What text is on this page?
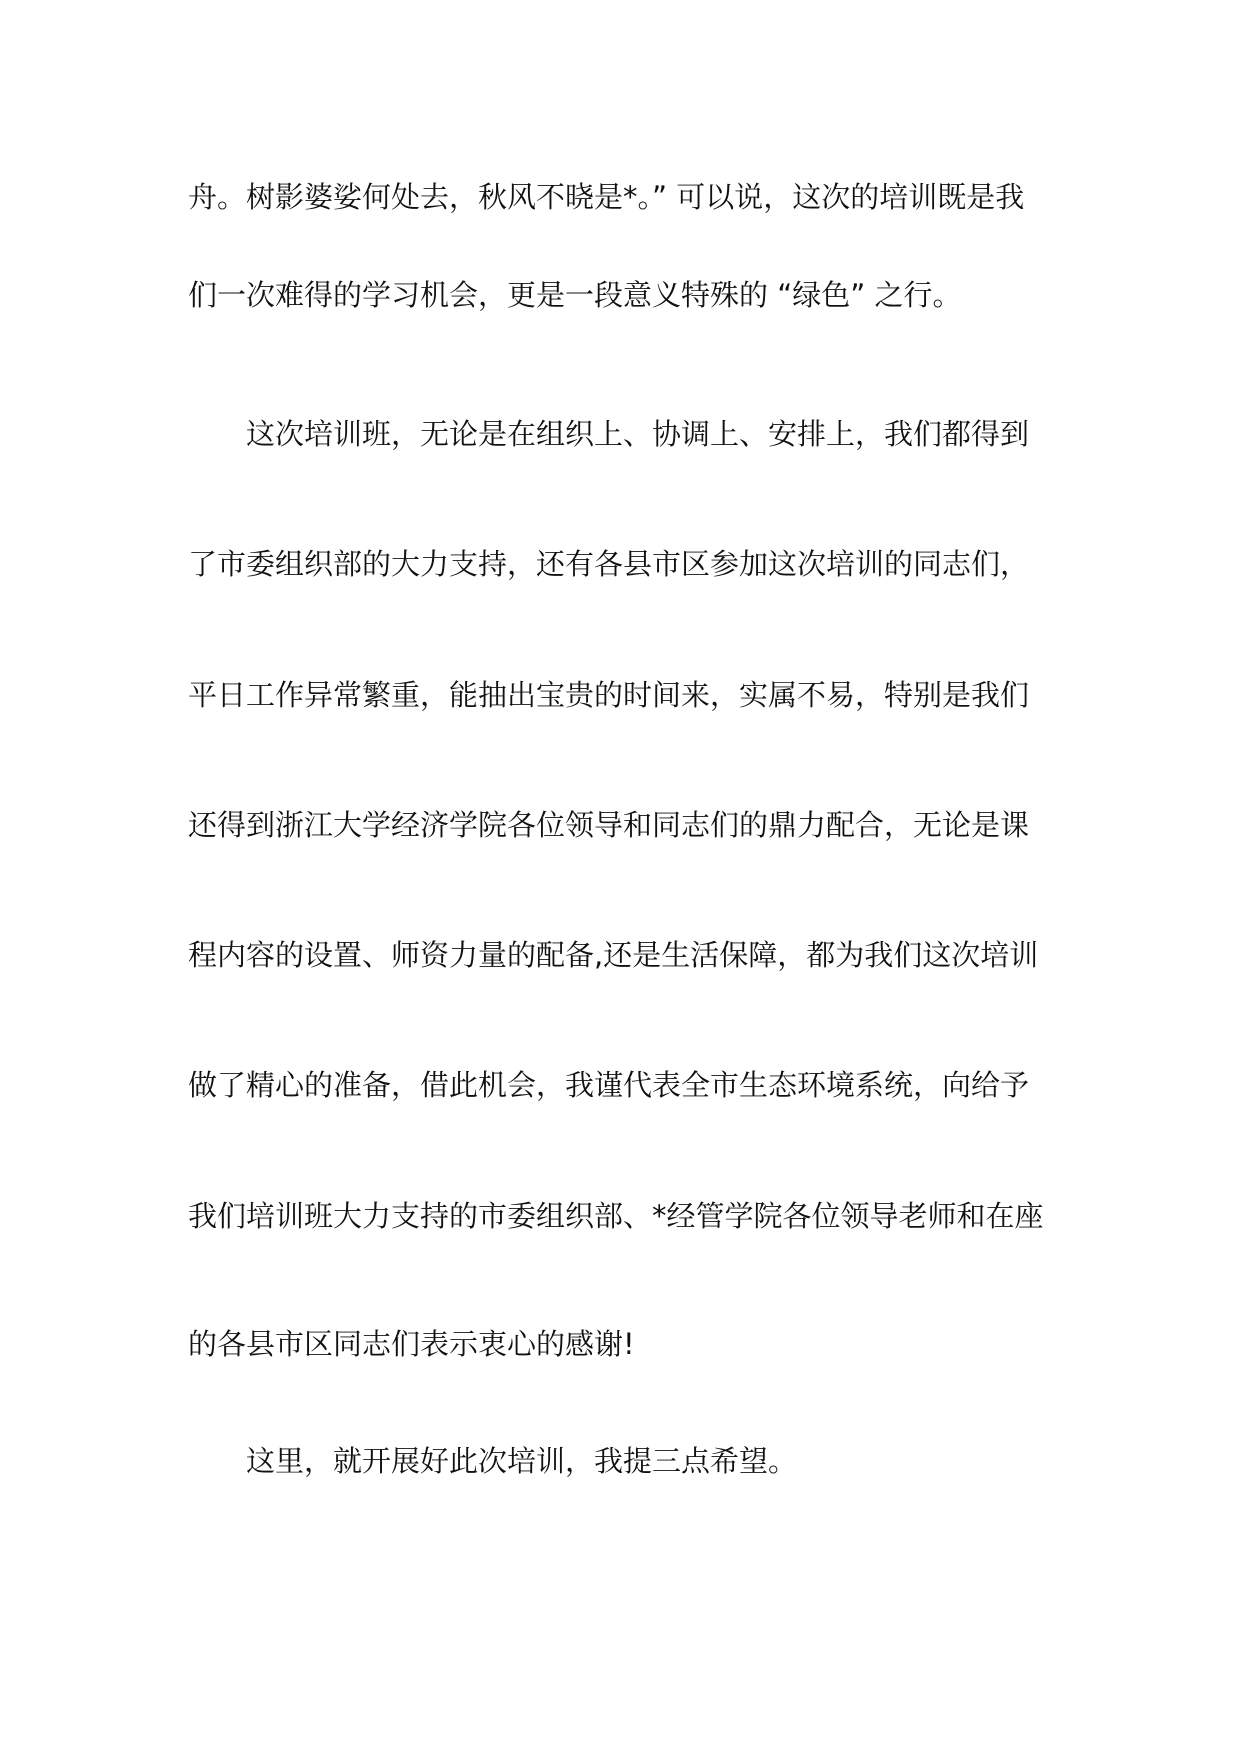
舟。树影婆娑何处去，秋风不晓是*。” 可以说，这次的培训既是我

们一次难得的学习机会，更是一段意义特殊的 “绿色” 之行。

这次培训班，无论是在组织上、协调上、安排上，我们都得到

了市委组织部的大力支持，还有各县市区参加这次培训的同志们，

平日工作异常繁重，能抽出宝贵的时间来，实属不易，特别是我们

还得到浙江大学经济学院各位领导和同志们的鼎力配合，无论是课

程内容的设置、师资力量的配备,还是生活保障，都为我们这次培训

做了精心的准备，借此机会，我谨代表全市生态环境系统，向给予

我们培训班大力支持的市委组织部、*经管学院各位领导老师和在座

的各县市区同志们表示衷心的感谢!

这里，就开展好此次培训，我提三点希望。
